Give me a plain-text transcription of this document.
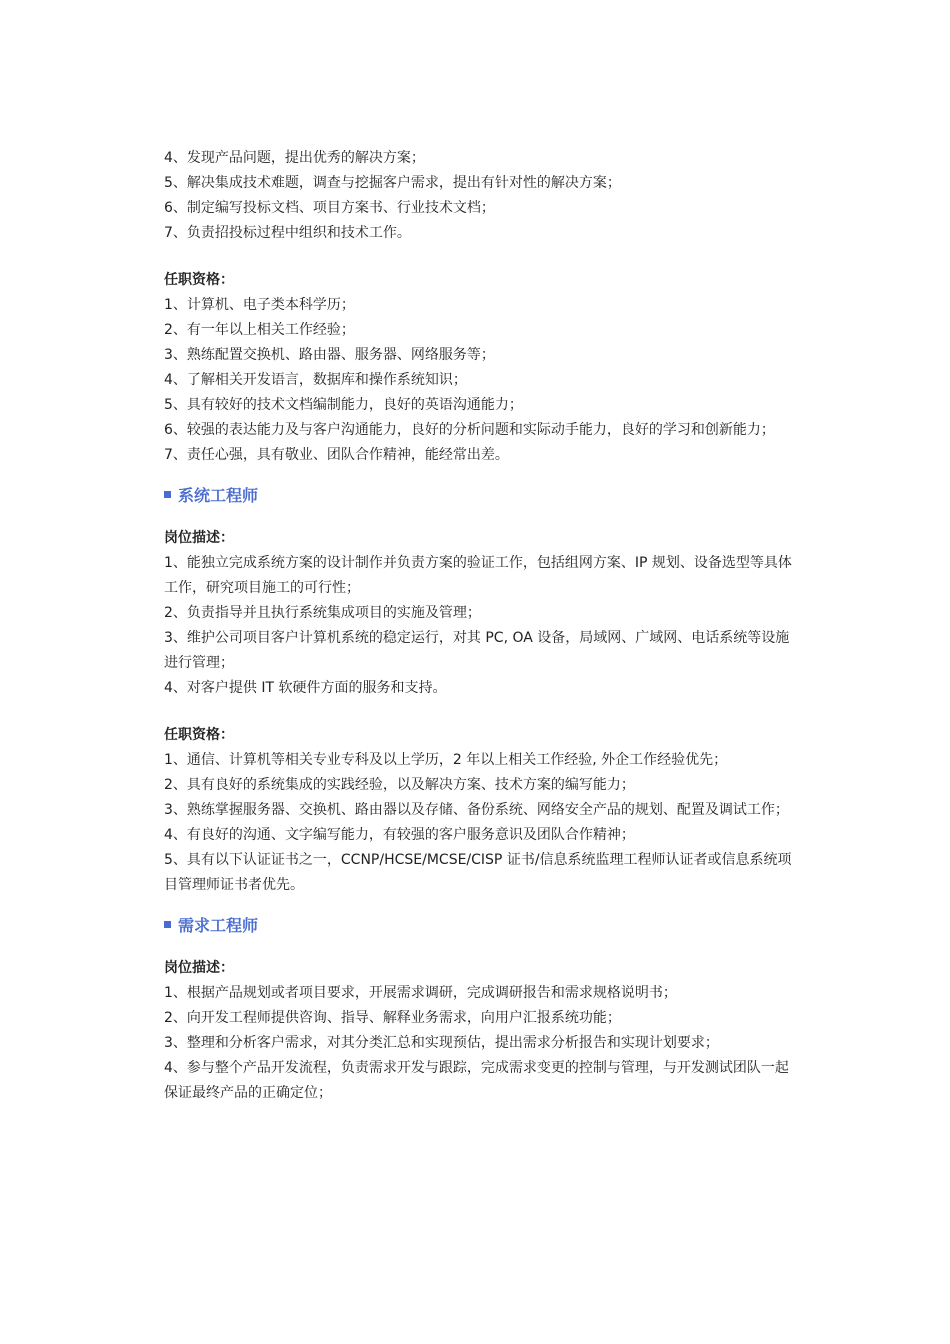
4、发现产品问题，提出优秀的解决方案；

5、解决集成技术难题，调查与挖掘客户需求，提出有针对性的解决方案；

6、制定编写投标文档、项目方案书、行业技术文档；

7、负责招投标过程中组织和技术工作。

任职资格：

1、计算机、电子类本科学历；

2、有一年以上相关工作经验；

3、熟练配置交换机、路由器、服务器、网络服务等；

4、了解相关开发语言，数据库和操作系统知识；

5、具有较好的技术文档编制能力，良好的英语沟通能力；

6、较强的表达能力及与客户沟通能力，良好的分析问题和实际动手能力，良好的学习和创新能力；

7、责任心强，具有敬业、团队合作精神，能经常出差。

系统工程师

岗位描述：

1、能独立完成系统方案的设计制作并负责方案的验证工作，包括组网方案、IP 规划、设备选型等具体工作，研究项目施工的可行性；

2、负责指导并且执行系统集成项目的实施及管理；

3、维护公司项目客户计算机系统的稳定运行，对其 PC, OA 设备，局域网、广域网、电话系统等设施进行管理；

4、对客户提供 IT 软硬件方面的服务和支持。

任职资格：

1、通信、计算机等相关专业专科及以上学历，2 年以上相关工作经验, 外企工作经验优先；

2、具有良好的系统集成的实践经验，以及解决方案、技术方案的编写能力；

3、熟练掌握服务器、交换机、路由器以及存储、备份系统、网络安全产品的规划、配置及调试工作；

4、有良好的沟通、文字编写能力，有较强的客户服务意识及团队合作精神；

5、具有以下认证证书之一，CCNP/HCSE/MCSE/CISP 证书/信息系统监理工程师认证者或信息系统项目管理师证书者优先。

需求工程师

岗位描述：

1、根据产品规划或者项目要求，开展需求调研，完成调研报告和需求规格说明书；

2、向开发工程师提供咨询、指导、解释业务需求，向用户汇报系统功能；

3、整理和分析客户需求，对其分类汇总和实现预估，提出需求分析报告和实现计划要求；

4、参与整个产品开发流程，负责需求开发与跟踪，完成需求变更的控制与管理，与开发测试团队一起保证最终产品的正确定位；
